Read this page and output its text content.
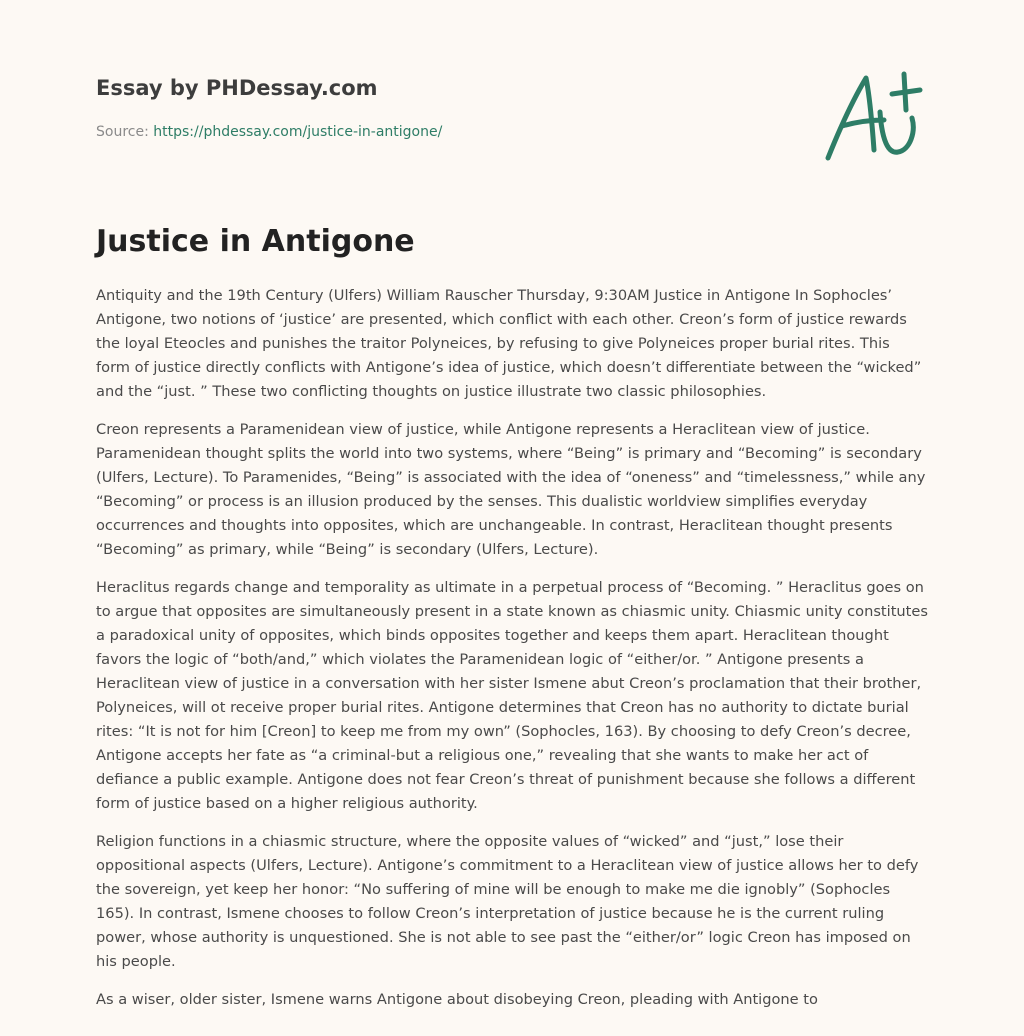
Essay by PHDessay.com
Source: https://phdessay.com/justice-in-antigone/
Justice in Antigone

Antiquity and the 19th Century (Ulfers) William Rauscher Thursday, 9:30AM Justice in Antigone In Sophocles’ Antigone, two notions of ‘justice’ are presented, which conflict with each other. Creon’s form of justice rewards the loyal Eteocles and punishes the traitor Polyneices, by refusing to give Polyneices proper burial rites. This form of justice directly conflicts with Antigone’s idea of justice, which doesn’t differentiate between the “wicked” and the “just. ” These two conflicting thoughts on justice illustrate two classic philosophies.

Creon represents a Paramenidean view of justice, while Antigone represents a Heraclitean view of justice. Paramenidean thought splits the world into two systems, where “Being” is primary and “Becoming” is secondary (Ulfers, Lecture). To Paramenides, “Being” is associated with the idea of “oneness” and “timelessness,” while any “Becoming” or process is an illusion produced by the senses. This dualistic worldview simplifies everyday occurrences and thoughts into opposites, which are unchangeable. In contrast, Heraclitean thought presents “Becoming” as primary, while “Being” is secondary (Ulfers, Lecture).

Heraclitus regards change and temporality as ultimate in a perpetual process of “Becoming. ” Heraclitus goes on to argue that opposites are simultaneously present in a state known as chiasmic unity. Chiasmic unity constitutes a paradoxical unity of opposites, which binds opposites together and keeps them apart. Heraclitean thought favors the logic of “both/and,” which violates the Paramenidean logic of “either/or. ” Antigone presents a Heraclitean view of justice in a conversation with her sister Ismene abut Creon’s proclamation that their brother, Polyneices, will ot receive proper burial rites. Antigone determines that Creon has no authority to dictate burial rites: “It is not for him [Creon] to keep me from my own” (Sophocles, 163). By choosing to defy Creon’s decree, Antigone accepts her fate as “a criminal-but a religious one,” revealing that she wants to make her act of defiance a public example. Antigone does not fear Creon’s threat of punishment because she follows a different form of justice based on a higher religious authority.

Religion functions in a chiasmic structure, where the opposite values of “wicked” and “just,” lose their oppositional aspects (Ulfers, Lecture). Antigone’s commitment to a Heraclitean view of justice allows her to defy the sovereign, yet keep her honor: “No suffering of mine will be enough to make me die ignobly” (Sophocles 165). In contrast, Ismene chooses to follow Creon’s interpretation of justice because he is the current ruling power, whose authority is unquestioned. She is not able to see past the “either/or” logic Creon has imposed on his people.

As a wiser, older sister, Ismene warns Antigone about disobeying Creon, pleading with Antigone to
